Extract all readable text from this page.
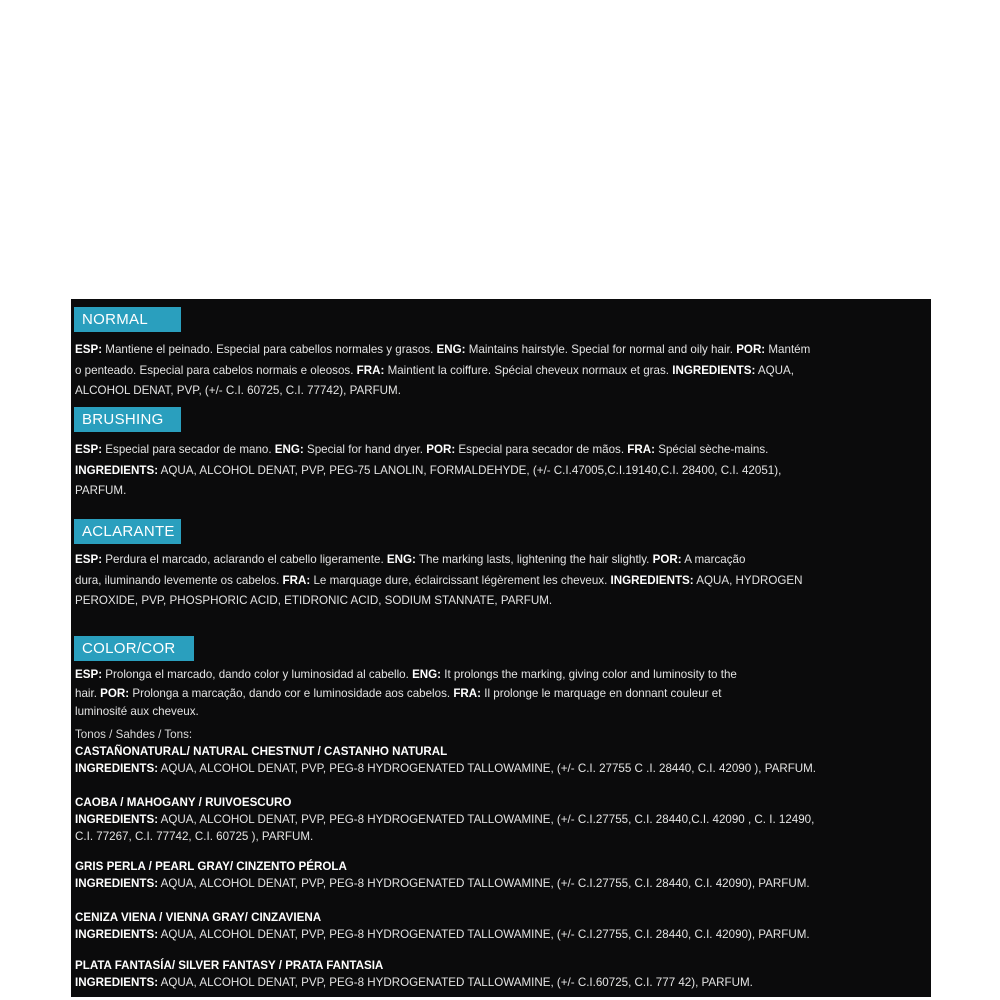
NORMAL
ESP: Mantiene el peinado. Especial para cabellos normales y grasos. ENG: Maintains hairstyle. Special for normal and oily hair. POR: Mantém
o penteado. Especial para cabelos normais e oleosos. FRA: Maintient la coiffure. Spécial cheveux normaux et gras. INGREDIENTS: AQUA,
ALCOHOL DENAT, PVP, (+/- C.I. 60725, C.I. 77742), PARFUM.
BRUSHING
ESP: Especial para secador de mano. ENG: Special for hand dryer. POR: Especial para secador de mãos. FRA: Spécial sèche-mains.
INGREDIENTS: AQUA, ALCOHOL DENAT, PVP, PEG-75 LANOLIN, FORMALDEHYDE, (+/- C.I.47005,C.I.19140,C.I. 28400, C.I. 42051),
PARFUM.
ACLARANTE
ESP: Perdura el marcado, aclarando el cabello ligeramente. ENG: The marking lasts, lightening the hair slightly. POR: A marcação
dura, iluminando levemente os cabelos. FRA: Le marquage dure, éclaircissant légèrement les cheveux. INGREDIENTS: AQUA, HYDROGEN
PEROXIDE, PVP, PHOSPHORIC ACID, ETIDRONIC ACID, SODIUM STANNATE, PARFUM.
COLOR/COR
ESP: Prolonga el marcado, dando color y luminosidad al cabello. ENG: It prolongs the marking, giving color and luminosity to the
hair. POR: Prolonga a marcação, dando cor e luminosidade aos cabelos. FRA: Il prolonge le marquage en donnant couleur et
luminosité aux cheveux.
Tonos / Sahdes / Tons:
CASTAÑONATURAL/ NATURAL CHESTNUT / CASTANHO NATURAL
INGREDIENTS: AQUA, ALCOHOL DENAT, PVP, PEG-8 HYDROGENATED TALLOWAMINE, (+/- C.I. 27755 C .I. 28440, C.I. 42090 ), PARFUM.
CAOBA / MAHOGANY / RUIVOESCURO
INGREDIENTS: AQUA, ALCOHOL DENAT, PVP, PEG-8 HYDROGENATED TALLOWAMINE, (+/- C.I.27755, C.I. 28440,C.I. 42090 , C. I. 12490,
C.I. 77267, C.I. 77742, C.I. 60725 ), PARFUM.
GRIS PERLA / PEARL GRAY/ CINZENTO PÉROLA
INGREDIENTS: AQUA, ALCOHOL DENAT, PVP, PEG-8 HYDROGENATED TALLOWAMINE, (+/- C.I.27755, C.I. 28440, C.I. 42090), PARFUM.
CENIZA VIENA / VIENNA GRAY/ CINZAVIENA
INGREDIENTS: AQUA, ALCOHOL DENAT, PVP, PEG-8 HYDROGENATED TALLOWAMINE, (+/- C.I.27755, C.I. 28440, C.I. 42090), PARFUM.
PLATA FANTASÍA/ SILVER FANTASY / PRATA FANTASIA
INGREDIENTS: AQUA, ALCOHOL DENAT, PVP, PEG-8 HYDROGENATED TALLOWAMINE, (+/- C.I.60725, C.I. 777 42), PARFUM.
